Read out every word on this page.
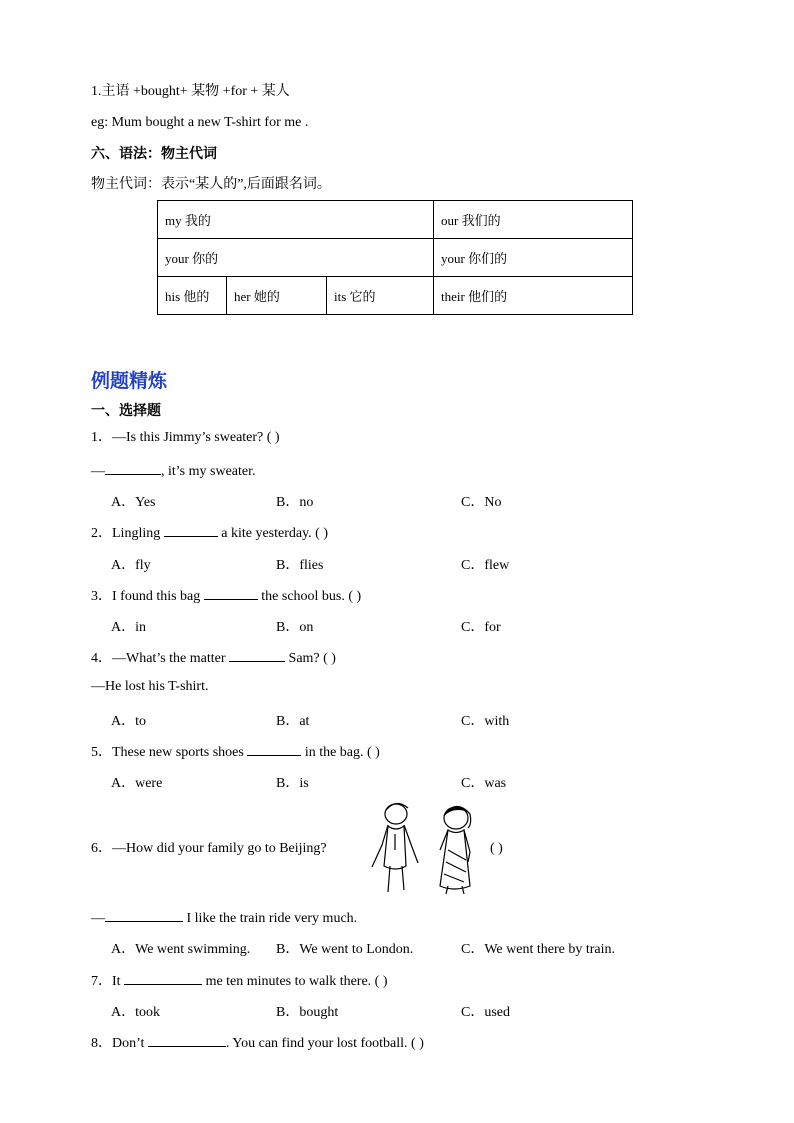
1.主语 +bought+ 某物 +for + 某人
eg: Mum bought a new T-shirt for me .
六、语法：物主代词
物主代词：表示“某人的”,后面跟名词。
my 我的			our 我们的
your 你的			your 你们的
his 他的	her 她的	its 它的	their 他们的
例题精炼
一、选择题
1．—Is this Jimmy’s sweater? ( )
—	, it’s my sweater.
A．Yes	B．no	C．No
2．Lingling	a kite yesterday. ( )
A．fly	B．flies	C．flew
3．I found this bag	the school bus. ( )
A．in	B．on	C．for
4．—What’s the matter	Sam? ( )
—He lost his T-shirt.
A．to	B．at	C．with
5．These new sports shoes	in the bag. ( )
A．were	B．is	C．was
6．—How did your family go to Beijing?	( )
—	I like the train ride very much.
A．We went swimming. B．We went to London.	C．We went there by train.
7．It	me ten minutes to walk there. ( )
A．took	B．bought	C．used
8．Don’t	. You can find your lost football. ( )
